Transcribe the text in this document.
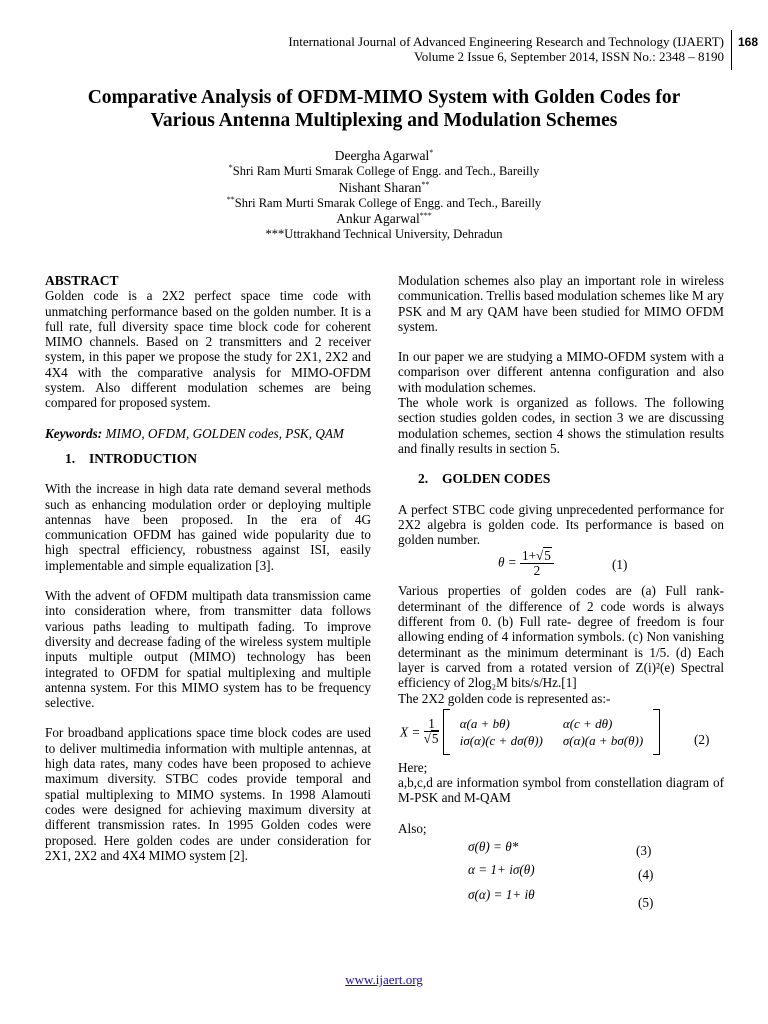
International Journal of Advanced Engineering Research and Technology (IJAERT)
Volume 2 Issue 6, September 2014, ISSN No.: 2348 – 8190
168
Comparative Analysis of OFDM-MIMO System with Golden Codes for
Various Antenna Multiplexing and Modulation Schemes
Deergha Agarwal*
*Shri Ram Murti Smarak College of Engg. and Tech., Bareilly
Nishant Sharan**
**Shri Ram Murti Smarak College of Engg. and Tech., Bareilly
Ankur Agarwal***
***Uttrakhand Technical University, Dehradun

ABSTRACT

Golden code is a 2X2 perfect space time code with unmatching performance based on the golden number. It is a full rate, full diversity space time block code for coherent MIMO channels. Based on 2 transmitters and 2 receiver system, in this paper we propose the study for 2X1, 2X2 and 4X4 with the comparative analysis for MIMO-OFDM system. Also different modulation schemes are being compared for proposed system.

Keywords: MIMO, OFDM, GOLDEN codes, PSK, QAM

1. INTRODUCTION

With the increase in high data rate demand several methods such as enhancing modulation order or deploying multiple antennas have been proposed. In the era of 4G communication OFDM has gained wide popularity due to high spectral efficiency, robustness against ISI, easily implementable and simple equalization [3].

With the advent of OFDM multipath data transmission came into consideration where, from transmitter data follows various paths leading to multipath fading. To improve diversity and decrease fading of the wireless system multiple inputs multiple output (MIMO) technology has been integrated to OFDM for spatial multiplexing and multiple antenna system. For this MIMO system has to be frequency selective.

For broadband applications space time block codes are used to deliver multimedia information with multiple antennas, at high data rates, many codes have been proposed to achieve maximum diversity. STBC codes provide temporal and spatial multiplexing to MIMO systems. In 1998 Alamouti codes were designed for achieving maximum diversity at different transmission rates. In 1995 Golden codes were proposed. Here golden codes are under consideration for 2X1, 2X2 and 4X4 MIMO system [2].

Modulation schemes also play an important role in wireless communication. Trellis based modulation schemes like M ary PSK and M ary QAM have been studied for MIMO OFDM system.

In our paper we are studying a MIMO-OFDM system with a comparison over different antenna configuration and also with modulation schemes.

The whole work is organized as follows. The following section studies golden codes, in section 3 we are discussing modulation schemes, section 4 shows the stimulation results and finally results in section 5.

2. GOLDEN CODES

A perfect STBC code giving unprecedented performance for 2X2 algebra is golden code. Its performance is based on golden number.

$\theta = \frac{1+√5}{2}$	(1)

Various properties of golden codes are (a) Full rank-determinant of the difference of 2 code words is always different from 0. (b) Full rate- degree of freedom is four allowing ending of 4 information symbols. (c) Non vanishing determinant as the minimum determinant is 1/5. (d) Each layer is carved from a rotated version of Z(i)²(e) Spectral efficiency of 2log₂M bits/s/Hz.[1]

The 2X2 golden code is represented as:-

$X = \frac{1}{√5}$
α(a + bθ)	α(c + dθ)
iσ(α)(c + dσ(θ))	σ(α)(a + bσ(θ))	(2)

Here;

a,b,c,d are information symbol from constellation diagram of M-PSK and M-QAM

Also;

σ(θ) = θ*	(3)
α = 1+ iσ(θ)	(4)
σ(α) = 1+ iθ
(5)
www.ijaert.org
